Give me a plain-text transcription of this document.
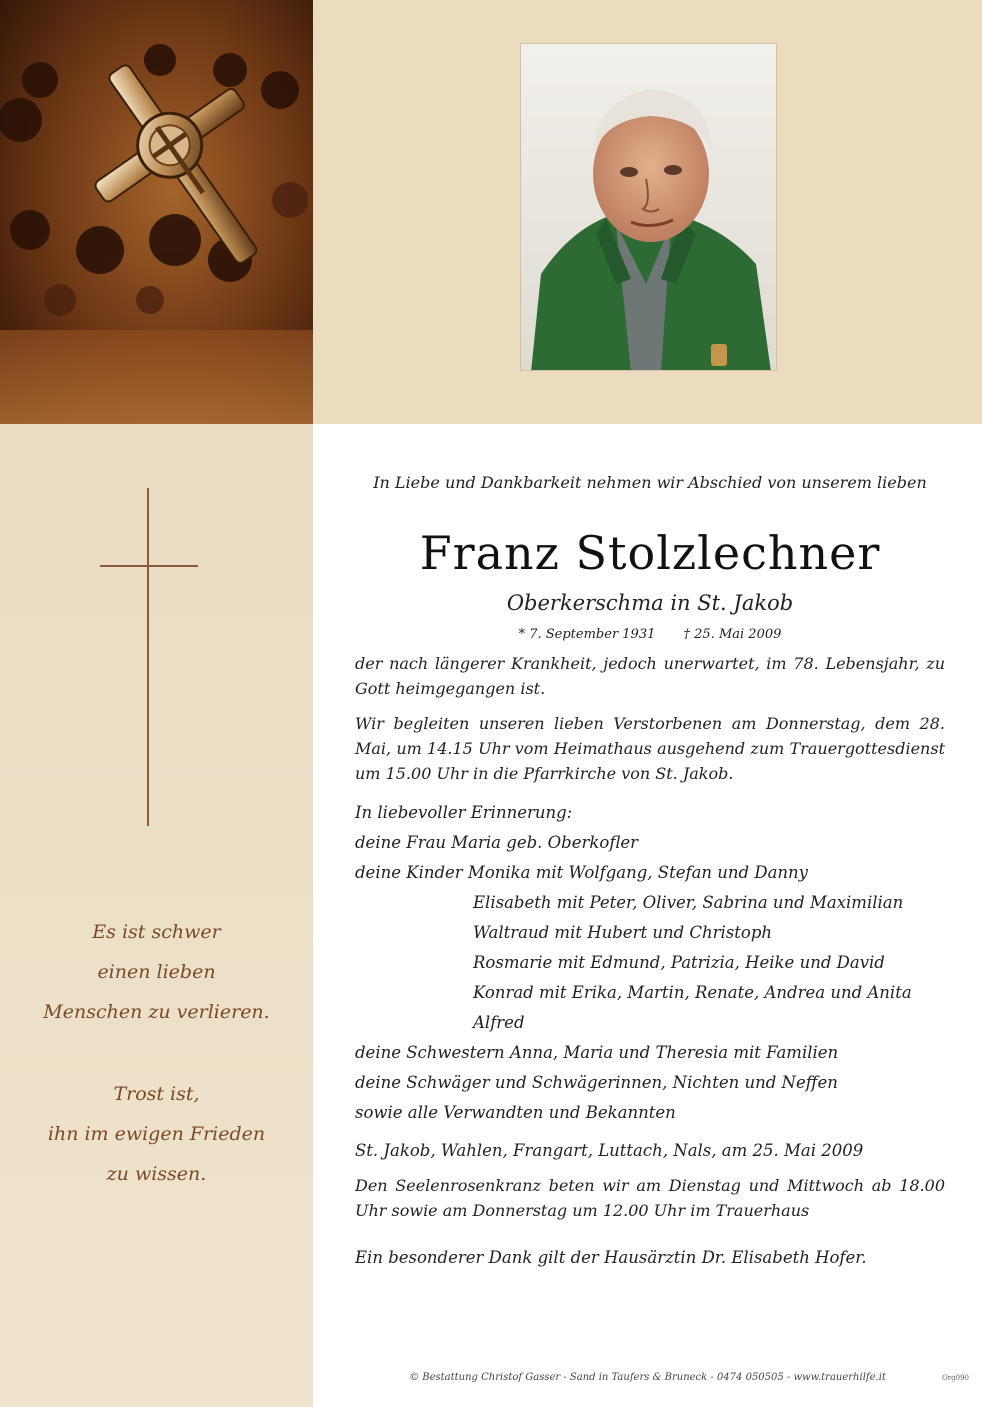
Es ist schwer

einen lieben

Menschen zu verlieren.

Trost ist,

ihn im ewigen Frieden

zu wissen.

In Liebe und Dankbarkeit nehmen wir Abschied von unserem lieben
Franz Stolzlechner
Oberkerschma in St. Jakob
* 7. September 1931 † 25. Mai 2009
der nach längerer Krankheit, jedoch unerwartet, im 78. Lebensjahr, zu Gott heimgegangen ist.
Wir begleiten unseren lieben Verstorbenen am Donnerstag, dem 28. Mai, um 14.15 Uhr vom Heimathaus ausgehend zum Trauergottesdienst um 15.00 Uhr in die Pfarrkirche von St. Jakob.
In liebevoller Erinnerung:
deine Frau Maria geb. Oberkofler
deine Kinder Monika mit Wolfgang, Stefan und Danny
Elisabeth mit Peter, Oliver, Sabrina und Maximilian
Waltraud mit Hubert und Christoph
Rosmarie mit Edmund, Patrizia, Heike und David
Konrad mit Erika, Martin, Renate, Andrea und Anita
Alfred
deine Schwestern Anna, Maria und Theresia mit Familien
deine Schwäger und Schwägerinnen, Nichten und Neffen
sowie alle Verwandten und Bekannten
St. Jakob, Wahlen, Frangart, Luttach, Nals, am 25. Mai 2009
Den Seelenrosenkranz beten wir am Dienstag und Mittwoch ab 18.00 Uhr sowie am Donnerstag um 12.00 Uhr im Trauerhaus
Ein besonderer Dank gilt der Hausärztin Dr. Elisabeth Hofer.
© Bestattung Christof Gasser - Sand in Taufers & Bruneck - 0474 050505 - www.trauerhilfe.it	Org090
